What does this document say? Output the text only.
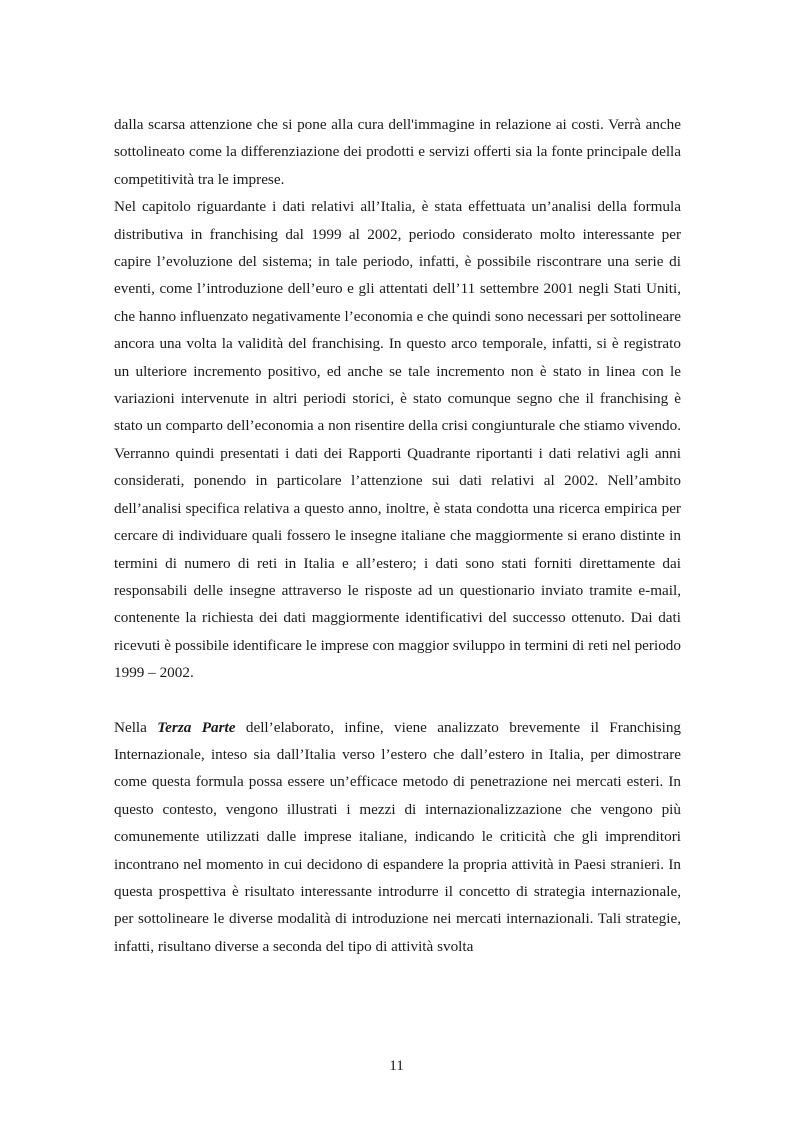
dalla scarsa attenzione che si pone alla cura dell'immagine in relazione ai costi. Verrà anche sottolineato come la differenziazione dei prodotti e servizi offerti sia la fonte principale della competitività tra le imprese.

Nel capitolo riguardante i dati relativi all’Italia, è stata effettuata un’analisi della formula distributiva in franchising dal 1999 al 2002, periodo considerato molto interessante per capire l’evoluzione del sistema; in tale periodo, infatti, è possibile riscontrare una serie di eventi, come l’introduzione dell’euro e gli attentati dell’11 settembre 2001 negli Stati Uniti, che hanno influenzato negativamente l’economia e che quindi sono necessari per sottolineare ancora una volta la validità del franchising. In questo arco temporale, infatti, si è registrato un ulteriore incremento positivo, ed anche se tale incremento non è stato in linea con le variazioni intervenute in altri periodi storici, è stato comunque segno che il franchising è stato un comparto dell’economia a non risentire della crisi congiunturale che stiamo vivendo. Verranno quindi presentati i dati dei Rapporti Quadrante riportanti i dati relativi agli anni considerati, ponendo in particolare l’attenzione sui dati relativi al 2002. Nell’ambito dell’analisi specifica relativa a questo anno, inoltre, è stata condotta una ricerca empirica per cercare di individuare quali fossero le insegne italiane che maggiormente si erano distinte in termini di numero di reti in Italia e all’estero; i dati sono stati forniti direttamente dai responsabili delle insegne attraverso le risposte ad un questionario inviato tramite e-mail, contenente la richiesta dei dati maggiormente identificativi del successo ottenuto. Dai dati ricevuti è possibile identificare le imprese con maggior sviluppo in termini di reti nel periodo 1999 – 2002.

Nella Terza Parte dell’elaborato, infine, viene analizzato brevemente il Franchising Internazionale, inteso sia dall’Italia verso l’estero che dall’estero in Italia, per dimostrare come questa formula possa essere un’efficace metodo di penetrazione nei mercati esteri. In questo contesto, vengono illustrati i mezzi di internazionalizzazione che vengono più comunemente utilizzati dalle imprese italiane, indicando le criticità che gli imprenditori incontrano nel momento in cui decidono di espandere la propria attività in Paesi stranieri. In questa prospettiva è risultato interessante introdurre il concetto di strategia internazionale, per sottolineare le diverse modalità di introduzione nei mercati internazionali. Tali strategie, infatti, risultano diverse a seconda del tipo di attività svolta

11
